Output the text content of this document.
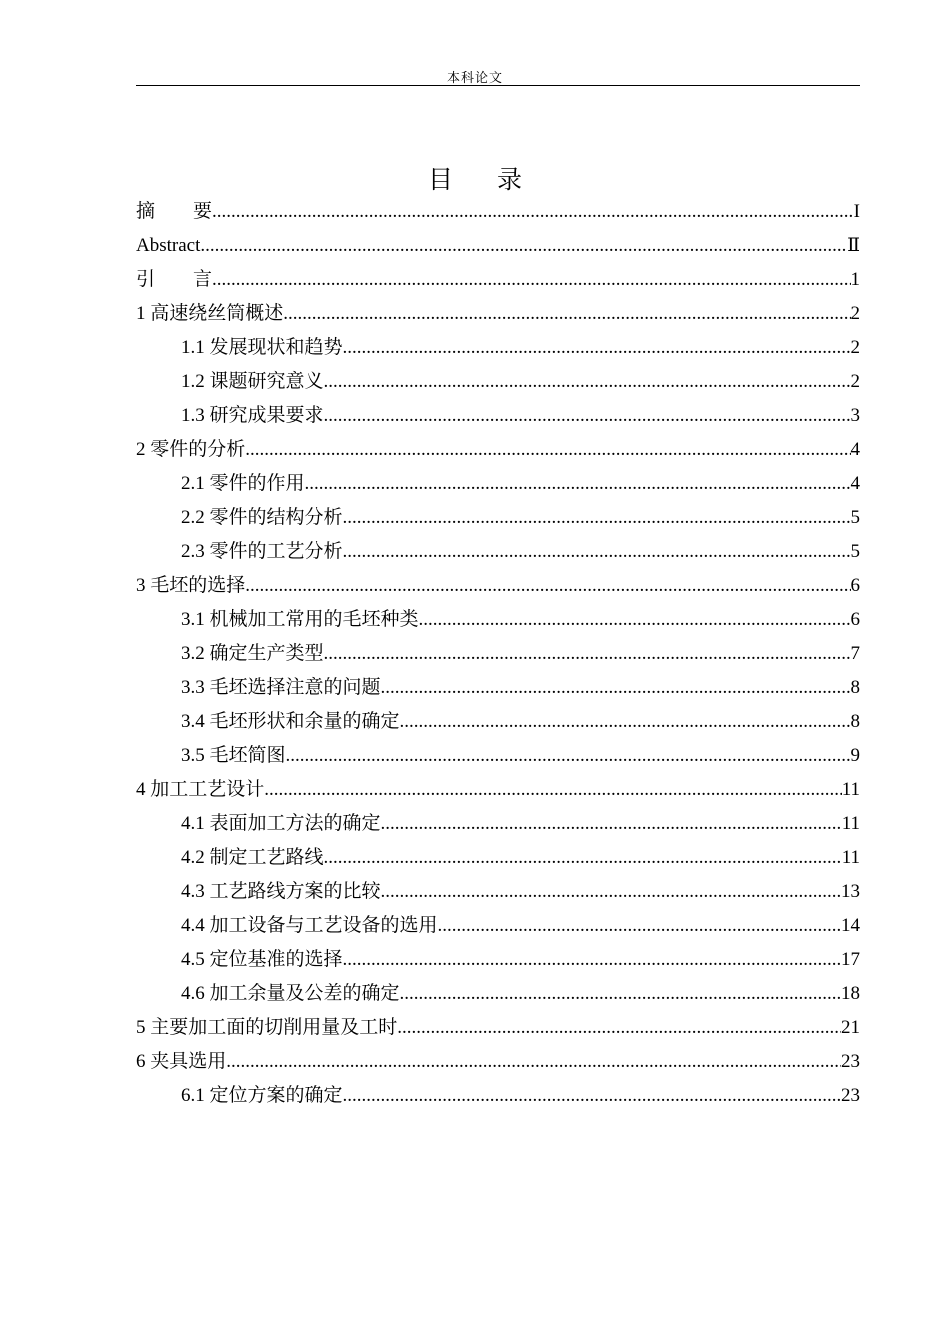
本科论文
目 录
摘　　要 .....	I
Abstract .....	Ⅱ
引　　言 .....	1
1 高速绕丝筒概述 .....	2
1.1 发展现状和趋势 .....	2
1.2 课题研究意义 .....	2
1.3 研究成果要求 .....	3
2 零件的分析 .....	4
2.1 零件的作用 .....	4
2.2 零件的结构分析 .....	5
2.3 零件的工艺分析 .....	5
3 毛坯的选择 .....	6
3.1 机械加工常用的毛坯种类 .....	6
3.2 确定生产类型 .....	7
3.3 毛坯选择注意的问题 .....	8
3.4 毛坯形状和余量的确定 .....	8
3.5 毛坯简图 .....	9
4 加工工艺设计 .....	11
4.1 表面加工方法的确定 .....	11
4.2 制定工艺路线 .....	11
4.3 工艺路线方案的比较 .....	13
4.4 加工设备与工艺设备的选用 .....	14
4.5 定位基准的选择 .....	17
4.6 加工余量及公差的确定 .....	18
5 主要加工面的切削用量及工时 .....	21
6 夹具选用 .....	23
6.1 定位方案的确定 .....	23
